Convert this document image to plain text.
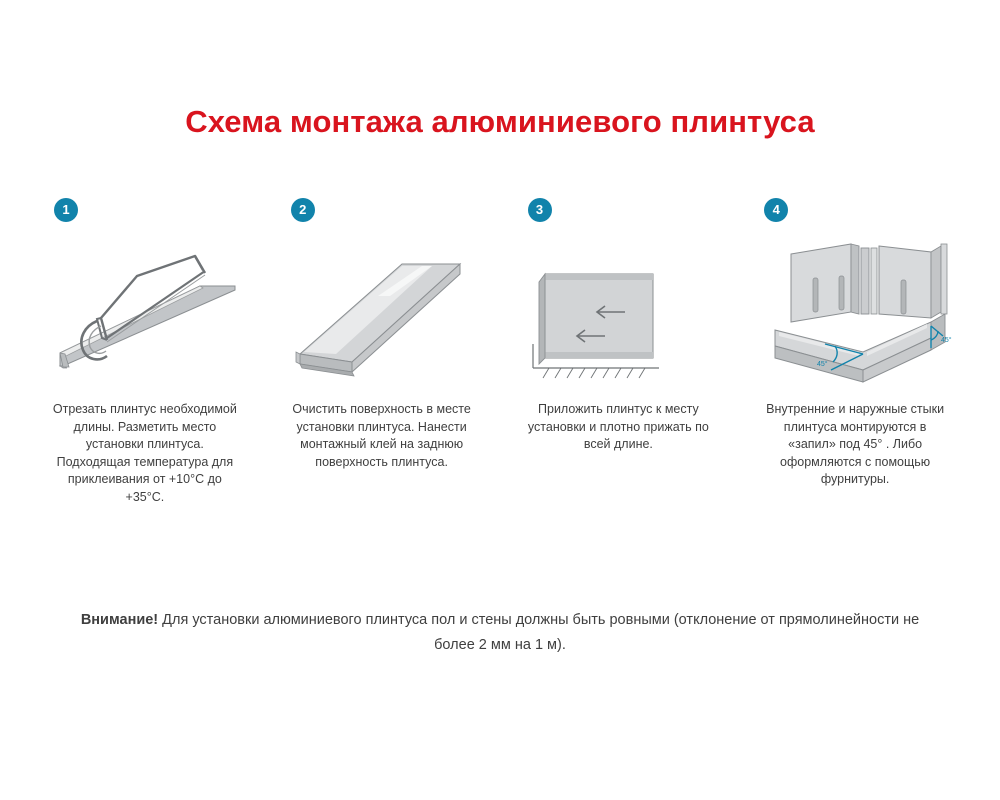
Схема монтажа алюминиевого плинтуса
1
Отрезать плинтус необходимой длины. Разметить место установки плинтуса. Подходящая температура для приклеивания от +10°C до +35°C.
2
Очистить поверхность в месте установки плинтуса. Нанести монтажный клей на заднюю поверхность плинтуса.
3
Приложить плинтус к месту установки и плотно прижать по всей длине.
4
45°
45°
Внутренние и наружные стыки плинтуса монтируются в «запил» под 45° . Либо оформляются с помощью фурнитуры.
Внимание! Для установки алюминиевого плинтуса пол и стены должны быть ровными (отклонение от прямолинейности не более 2 мм на 1 м).
